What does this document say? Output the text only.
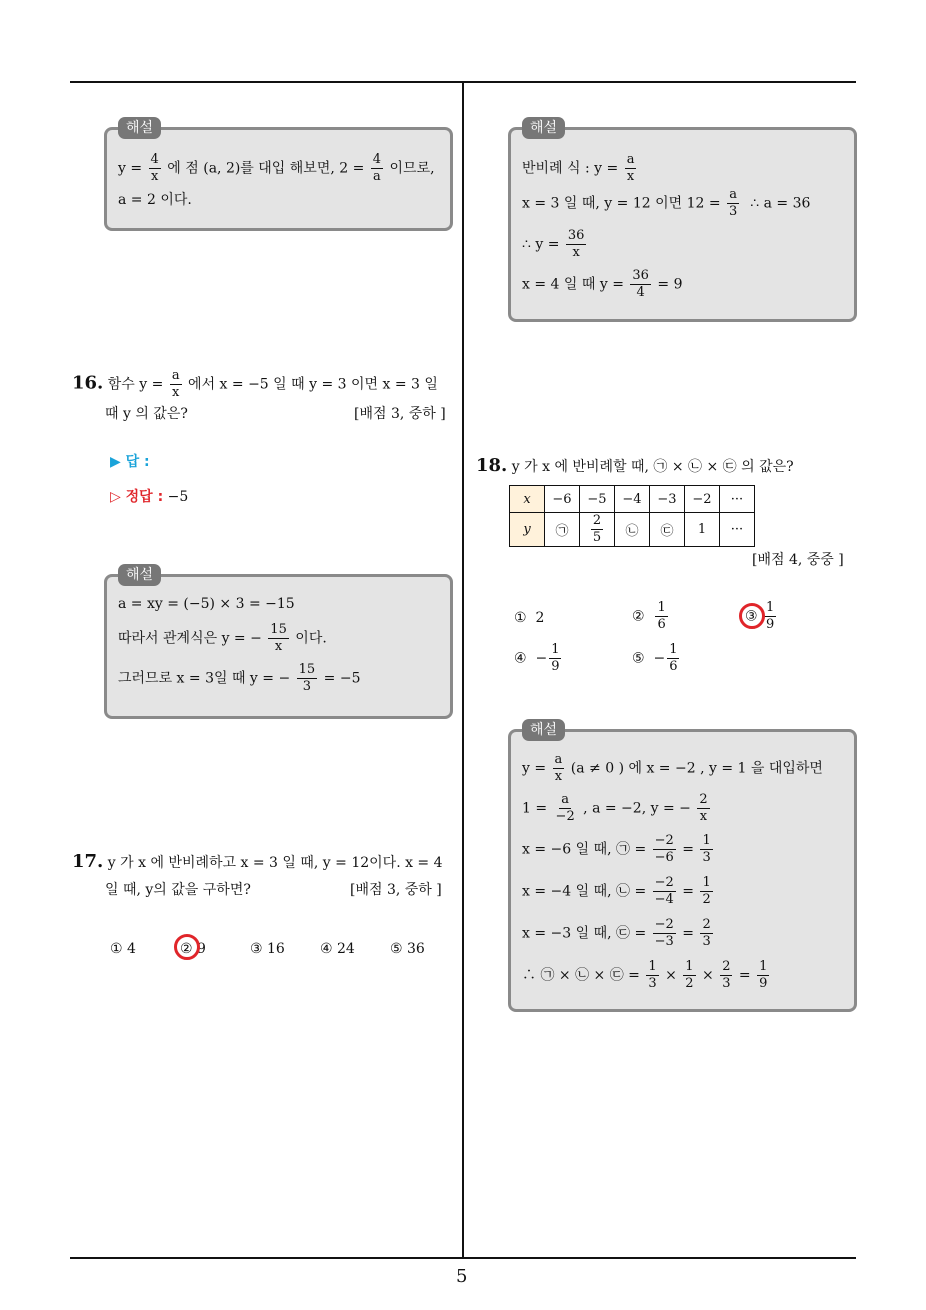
5
해설
$y = \frac{4}{x}$ 에 점 (a, 2)를 대입 해보면, $2 = \frac{4}{a}$ 이므로,
a = 2 이다.
16. 함수 $y = \frac{a}{x}$ 에서 x = −5 일 때 y = 3 이면 x = 3 일
때 y 의 값은?	[배점 3, 중하 ]
▶ 답 :
▷ 정답 : −5
해설
a = xy = (−5) × 3 = −15
따라서 관계식은 y = − $\frac{15}{x}$ 이다.
그러므로 x = 3일 때 y = − $\frac{15}{3} = -5$
17. y 가 x 에 반비례하고 x = 3 일 때, y = 12이다. x = 4
일 때, y의 값을 구하면?	[배점 3, 중하 ]
① 4	② 9	③ 16	④ 24	⑤ 36
해설
반비례 식 : $y = \frac{a}{x}$
x = 3 일 때, y = 12 이면 $12 = \frac{a}{3}$ ∴ a = 36
∴ $y = \frac{36}{x}$
x = 4 일 때 $y = \frac{36}{4} = 9$
18. y 가 x 에 반비례할 때, ㉠ × ㉡ × ㉢ 의 값은?
x	−6	−5	−4	−3	−2	···
y	㉠	$\frac{2}{5}$	㉡	㉢	1	···
[배점 4, 중중 ]
① 2	② $\frac{1}{6}$	③ $\frac{1}{9}$
④ − $\frac{1}{9}$	⑤ − $\frac{1}{6}$
해설
$y = \frac{a}{x} (a \ne 0$ ) 에 x = −2 , y = 1 을 대입하면
$1 = \frac{a}{-2}$ , a = −2, y = − $\frac{2}{x}$
x = −6 일 때, ㉠ = $\frac{-2}{-6} = \frac{1}{3}$
x = −4 일 때, ㉡ = $\frac{-2}{-4} = \frac{1}{2}$
x = −3 일 때, ㉢ = $\frac{-2}{-3} = \frac{2}{3}$
∴ ㉠ × ㉡ × ㉢ = $\frac{1}{3} \times \frac{1}{2} \times \frac{2}{3} = \frac{1}{9}$
